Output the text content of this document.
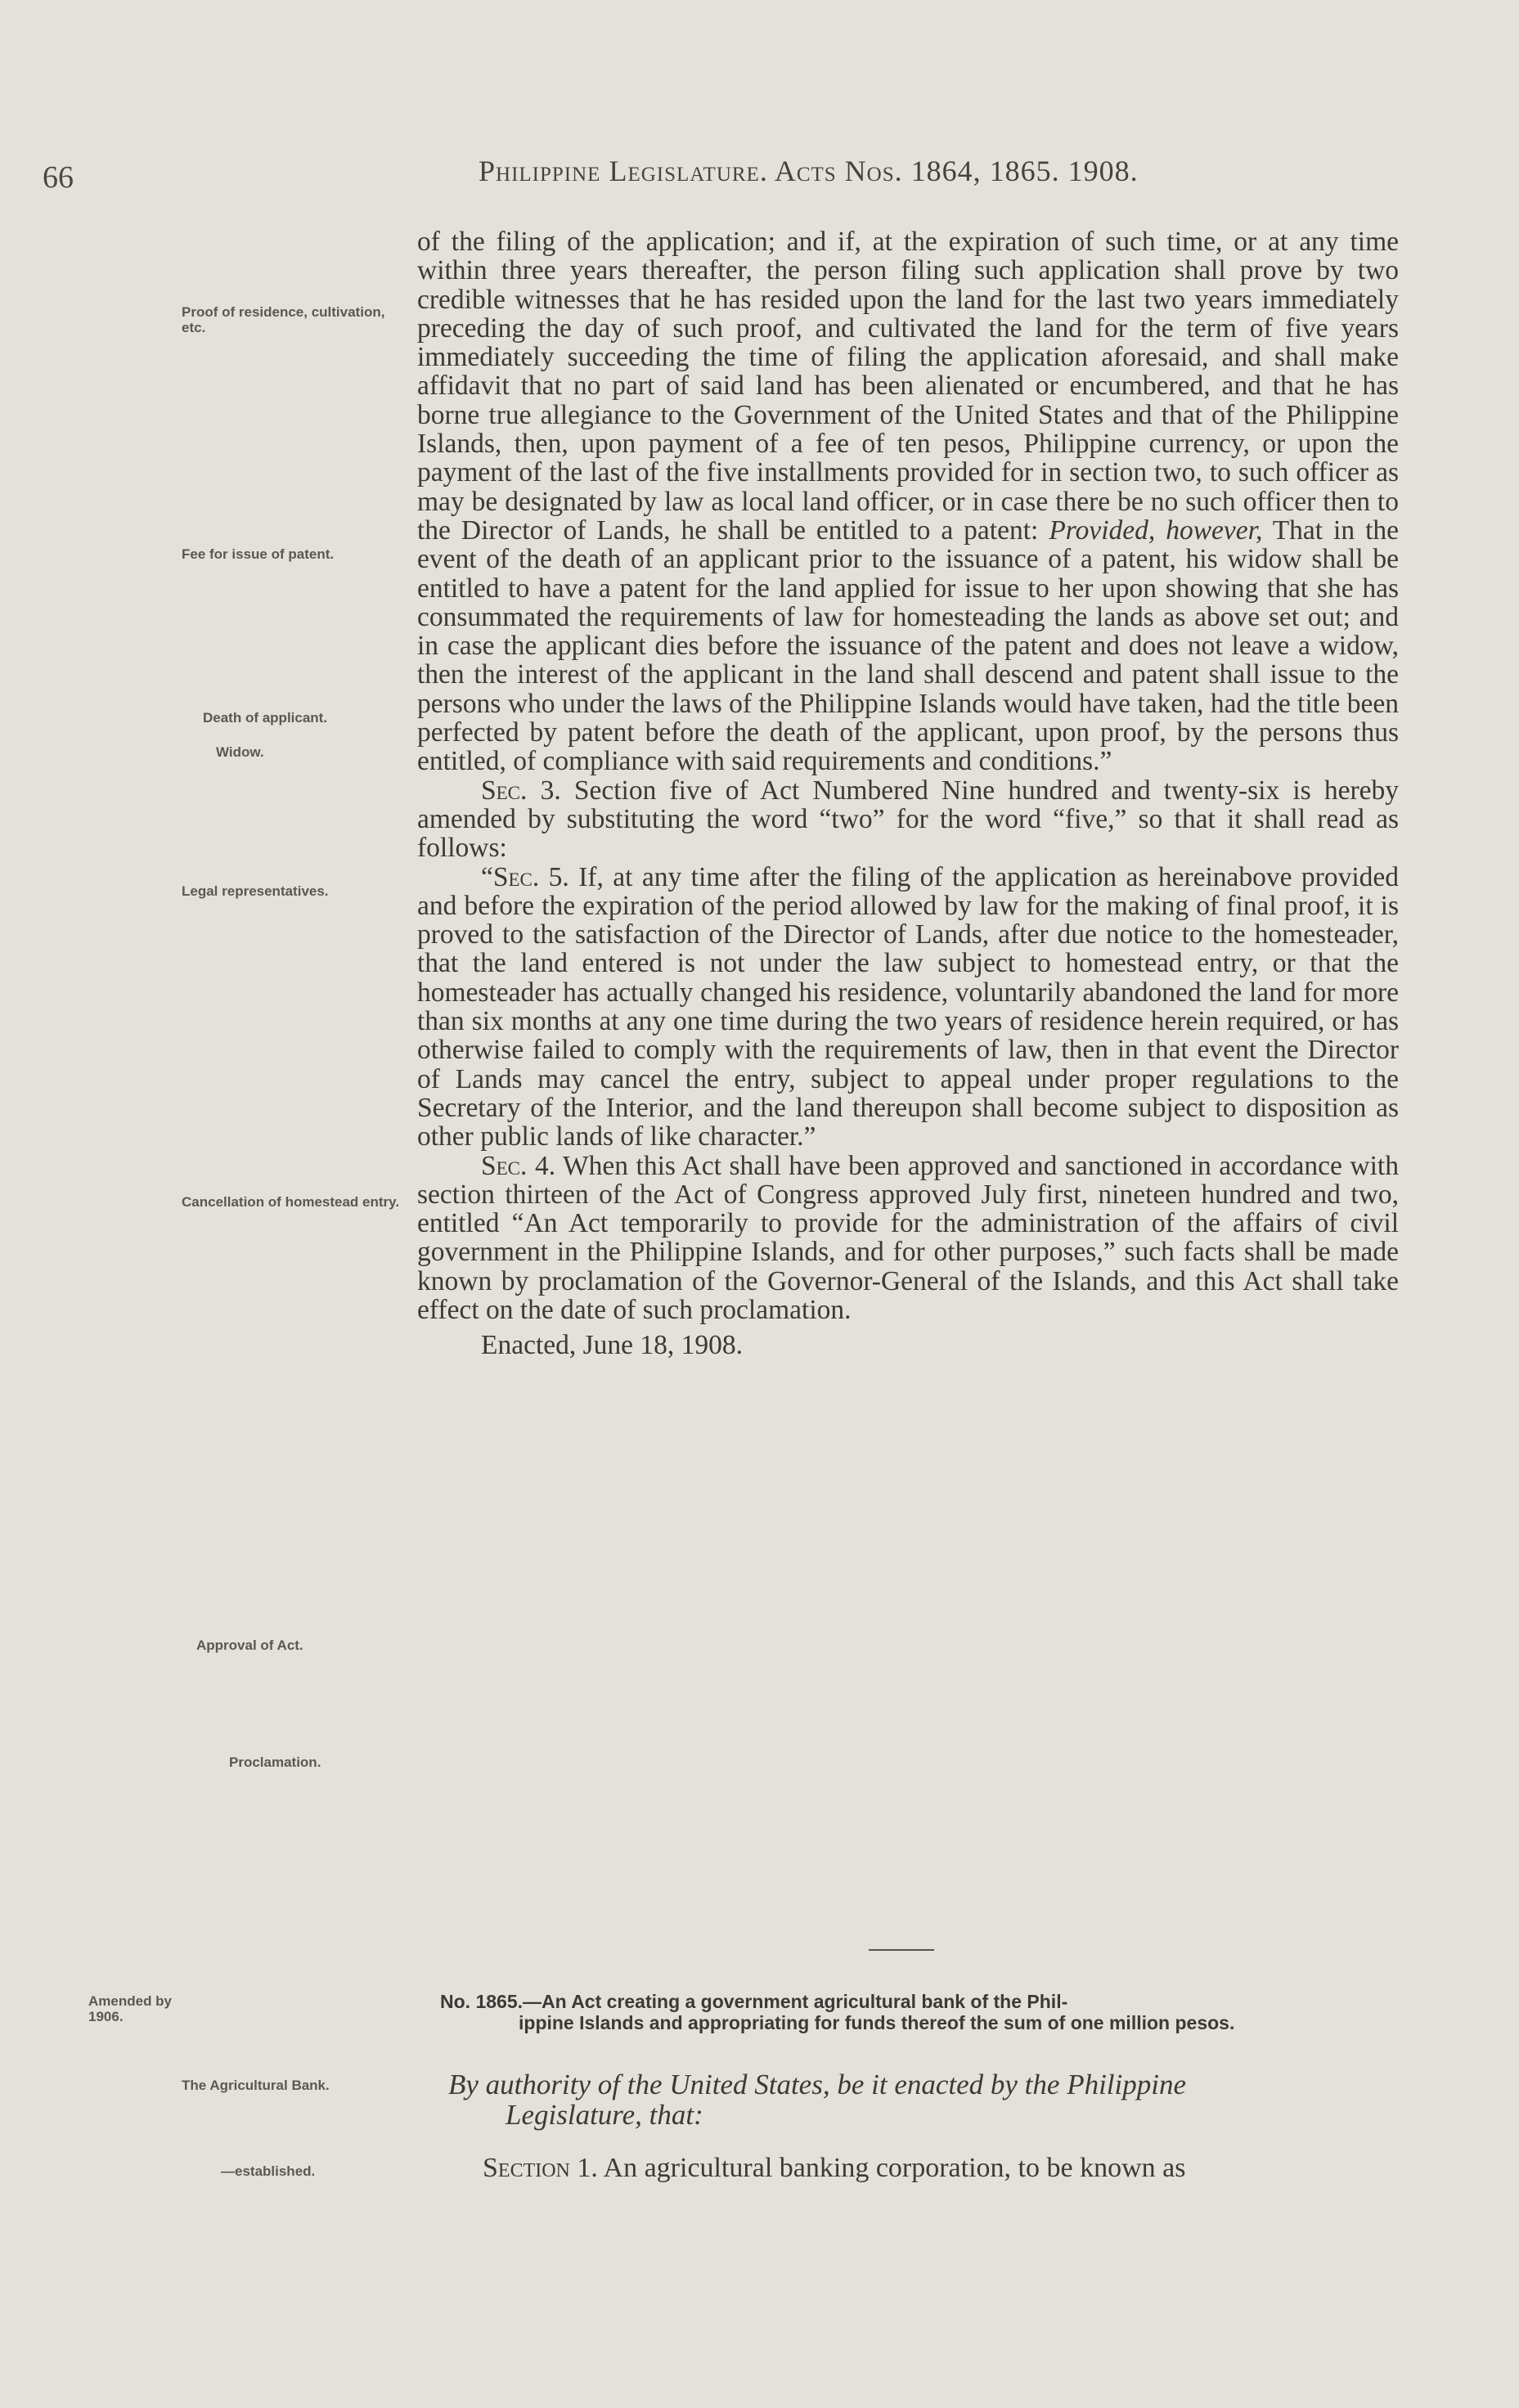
66	Philippine Legislature. Acts Nos. 1864, 1865. 1908.
Proof of residence, cultivation, etc.
Fee for issue of patent.
Death of applicant.
Widow.
Legal representatives.
Cancellation of homestead entry.
Approval of Act.
Proclamation.
Amended by 1906.
The Agricultural Bank.
—established.

of the filing of the application; and if, at the expiration of such time, or at any time within three years thereafter, the person filing such application shall prove by two credible witnesses that he has resided upon the land for the last two years immediately preceding the day of such proof, and cultivated the land for the term of five years immediately succeeding the time of filing the application aforesaid, and shall make affidavit that no part of said land has been alienated or encumbered, and that he has borne true allegiance to the Government of the United States and that of the Philippine Islands, then, upon payment of a fee of ten pesos, Philippine currency, or upon the payment of the last of the five installments provided for in section two, to such officer as may be designated by law as local land officer, or in case there be no such officer then to the Director of Lands, he shall be entitled to a patent: Provided, however, That in the event of the death of an applicant prior to the issuance of a patent, his widow shall be entitled to have a patent for the land applied for issue to her upon showing that she has consummated the requirements of law for homesteading the lands as above set out; and in case the applicant dies before the issuance of the patent and does not leave a widow, then the interest of the applicant in the land shall descend and patent shall issue to the persons who under the laws of the Philippine Islands would have taken, had the title been perfected by patent before the death of the applicant, upon proof, by the persons thus entitled, of compliance with said requirements and conditions.”

Sec. 3. Section five of Act Numbered Nine hundred and twenty-six is hereby amended by substituting the word “two” for the word “five,” so that it shall read as follows:

“Sec. 5. If, at any time after the filing of the application as hereinabove provided and before the expiration of the period allowed by law for the making of final proof, it is proved to the satisfaction of the Director of Lands, after due notice to the homesteader, that the land entered is not under the law subject to homestead entry, or that the homesteader has actually changed his residence, voluntarily abandoned the land for more than six months at any one time during the two years of residence herein required, or has otherwise failed to comply with the requirements of law, then in that event the Director of Lands may cancel the entry, subject to appeal under proper regulations to the Secretary of the Interior, and the land thereupon shall become subject to disposition as other public lands of like character.”

Sec. 4. When this Act shall have been approved and sanctioned in accordance with section thirteen of the Act of Congress approved July first, nineteen hundred and two, entitled “An Act temporarily to provide for the administration of the affairs of civil government in the Philippine Islands, and for other purposes,” such facts shall be made known by proclamation of the Governor-General of the Islands, and this Act shall take effect on the date of such proclamation.

Enacted, June 18, 1908.

No. 1865.—An Act creating a government agricultural bank of the Phil-
ippine Islands and appropriating for funds thereof the sum of one million pesos.
By authority of the United States, be it enacted by the Philippine
Legislature, that:
Section 1. An agricultural banking corporation, to be known as
